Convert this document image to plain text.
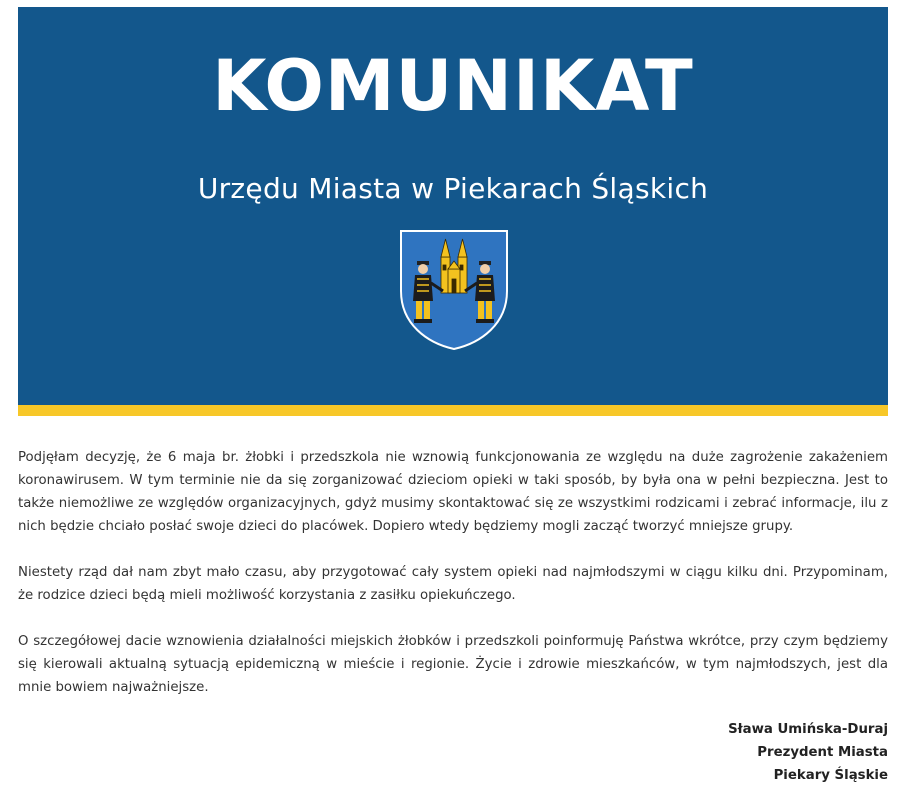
KOMUNIKAT
Urzędu Miasta w Piekarach Śląskich

Podjęłam decyzję, że 6 maja br. żłobki i przedszkola nie wznowią funkcjonowania ze względu na duże zagrożenie zakażeniem koronawirusem. W tym terminie nie da się zorganizować dzieciom opieki w taki sposób, by była ona w pełni bezpieczna. Jest to także niemożliwe ze względów organizacyjnych, gdyż musimy skontaktować się ze wszystkimi rodzicami i zebrać informacje, ilu z nich będzie chciało posłać swoje dzieci do placówek. Dopiero wtedy będziemy mogli zacząć tworzyć mniejsze grupy.

Niestety rząd dał nam zbyt mało czasu, aby przygotować cały system opieki nad najmłodszymi w ciągu kilku dni. Przypominam, że rodzice dzieci będą mieli możliwość korzystania z zasiłku opiekuńczego.

O szczegółowej dacie wznowienia działalności miejskich żłobków i przedszkoli poinformuję Państwa wkrótce, przy czym będziemy się kierowali aktualną sytuacją epidemiczną w mieście i regionie. Życie i zdrowie mieszkańców, w tym najmłodszych, jest dla mnie bowiem najważniejsze.

Sława Umińska-Duraj
Prezydent Miasta
Piekary Śląskie
